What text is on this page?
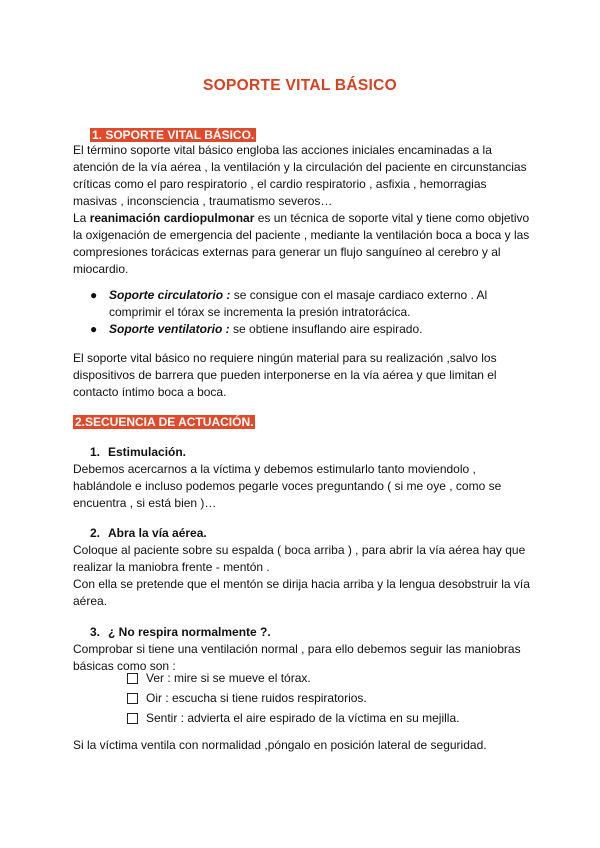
SOPORTE VITAL BÁSICO
1. SOPORTE VITAL BÁSICO.

El término soporte vital básico engloba las acciones iniciales encaminadas a la atención de la vía aérea , la ventilación y la circulación del paciente en circunstancias críticas como el paro respiratorio , el cardio respiratorio , asfixia , hemorragias masivas , inconsciencia , traumatismo severos…

La reanimación cardiopulmonar es un técnica de soporte vital y tiene como objetivo la oxigenación de emergencia del paciente , mediante la ventilación boca a boca y las compresiones torácicas externas para generar un flujo sanguíneo al cerebro y al miocardio.

● Soporte circulatorio : se consigue con el masaje cardiaco externo . Al comprimir el tórax se incrementa la presión intratorácica.
● Soporte ventilatorio : se obtiene insuflando aire espirado.
El soporte vital básico no requiere ningún material para su realización ,salvo los dispositivos de barrera que pueden interponerse en la vía aérea y que limitan el contacto íntimo boca a boca.
2.SECUENCIA DE ACTUACIÓN.
1. Estimulación.

Debemos acercarnos a la víctima y debemos estimularlo tanto moviendolo , hablándole e incluso podemos pegarle voces preguntando ( si me oye , como se encuentra , si está bien )…

2. Abra la vía aérea.

Coloque al paciente sobre su espalda ( boca arriba ) , para abrir la vía aérea hay que realizar la maniobra frente - mentón .

Con ella se pretende que el mentón se dirija hacia arriba y la lengua desobstruir la vía aérea.

3. ¿ No respira normalmente ?.

Comprobar si tiene una ventilación normal , para ello debemos seguir las maniobras básicas como son :

Ver : mire si se mueve el tórax.
Oir : escucha si tiene ruidos respiratorios.
Sentir : advierta el aire espirado de la víctima en su mejilla.
Si la víctima ventila con normalidad ,póngalo en posición lateral de seguridad.
